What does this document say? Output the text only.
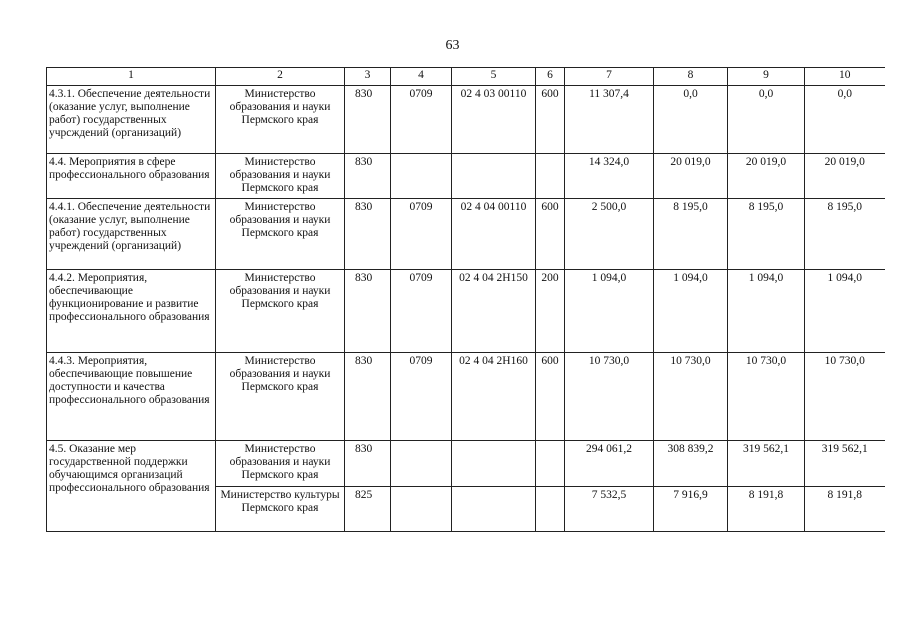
63
1	2	3	4	5	6	7	8	9	10
4.3.1. Обеспечение деятельности (оказание услуг, выполнение работ) государственных учрсждений (организаций)	Министерство образования и науки Пермского края	830	0709	02 4 03 00110	600	11 307,4	0,0	0,0	0,0
4.4. Мероприятия в сфере профессионального образования	Министерство образования и науки Пермского края	830				14 324,0	20 019,0	20 019,0	20 019,0
4.4.1. Обеспечение деятельности (оказание услуг, выполнение работ) государственных учреждений (организаций)	Министерство образования и науки Пермского края	830	0709	02 4 04 00110	600	2 500,0	8 195,0	8 195,0	8 195,0
4.4.2. Мероприятия, обеспечивающие функционирование и развитие профессионального образования	Министерство образования и науки Пермского края	830	0709	02 4 04 2Н150	200	1 094,0	1 094,0	1 094,0	1 094,0
4.4.3. Мероприятия, обеспечивающие повышение доступности и качества профессионального образования	Министерство образования и науки Пермского края	830	0709	02 4 04 2Н160	600	10 730,0	10 730,0	10 730,0	10 730,0
4.5. Оказание мер государственной поддержки обучающимся организаций профессионального образования	Министерство образования и науки Пермского края	830				294 061,2	308 839,2	319 562,1	319 562,1
	Министерство культуры Пермского края	825				7 532,5	7 916,9	8 191,8	8 191,8
